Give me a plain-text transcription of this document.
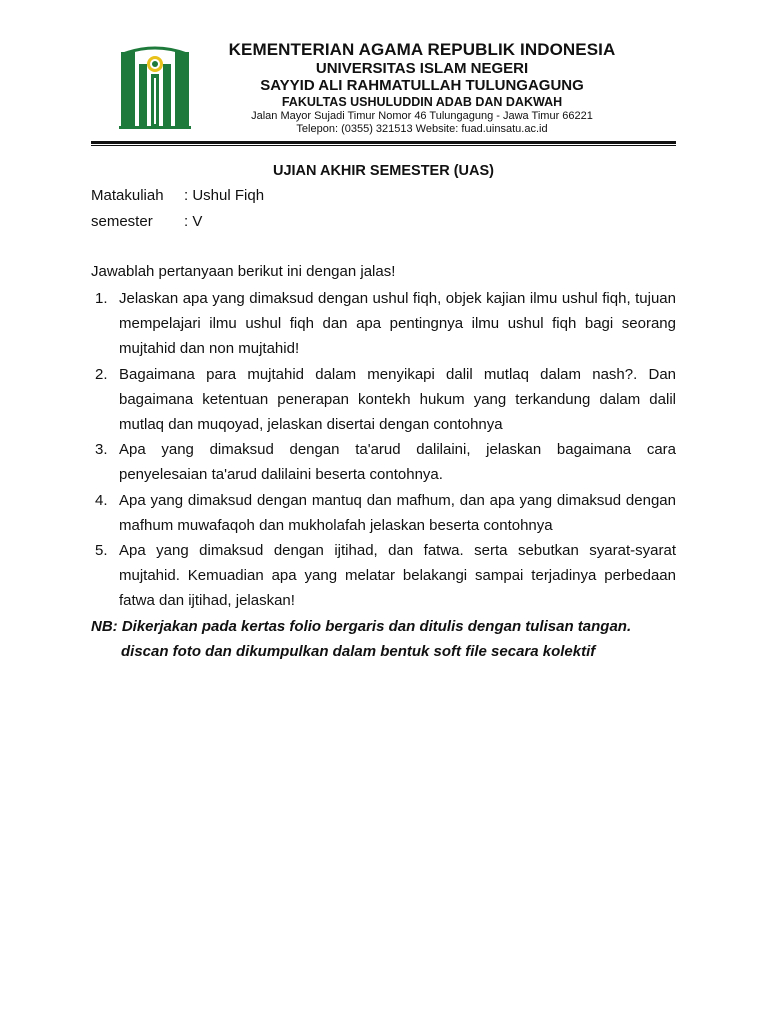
KEMENTERIAN AGAMA REPUBLIK INDONESIA
UNIVERSITAS ISLAM NEGERI
SAYYID ALI RAHMATULLAH TULUNGAGUNG
FAKULTAS USHULUDDIN ADAB DAN DAKWAH
Jalan Mayor Sujadi Timur Nomor 46 Tulungagung - Jawa Timur 66221
Telepon: (0355) 321513 Website: fuad.uinsatu.ac.id
UJIAN AKHIR SEMESTER (UAS)
Matakuliah : Ushul Fiqh
semester : V
Jawablah pertanyaan berikut ini dengan jalas!
1. Jelaskan apa yang dimaksud dengan ushul fiqh, objek kajian ilmu ushul fiqh, tujuan mempelajari ilmu ushul fiqh dan apa pentingnya ilmu ushul fiqh bagi seorang mujtahid dan non mujtahid!
2. Bagaimana para mujtahid dalam menyikapi dalil mutlaq dalam nash?. Dan bagaimana ketentuan penerapan kontekh hukum yang terkandung dalam dalil mutlaq dan muqoyad, jelaskan disertai dengan contohnya
3. Apa yang dimaksud dengan ta'arud dalilaini, jelaskan bagaimana cara penyelesaian ta'arud dalilaini beserta contohnya.
4. Apa yang dimaksud dengan mantuq dan mafhum, dan apa yang dimaksud dengan mafhum muwafaqoh dan mukholafah jelaskan beserta contohnya
5. Apa yang dimaksud dengan ijtihad, dan fatwa. serta sebutkan syarat-syarat mujtahid. Kemuadian apa yang melatar belakangi sampai terjadinya perbedaan fatwa dan ijtihad, jelaskan!
NB: Dikerjakan pada kertas folio bergaris dan ditulis dengan tulisan tangan.
discan foto dan dikumpulkan dalam bentuk soft file secara kolektif
